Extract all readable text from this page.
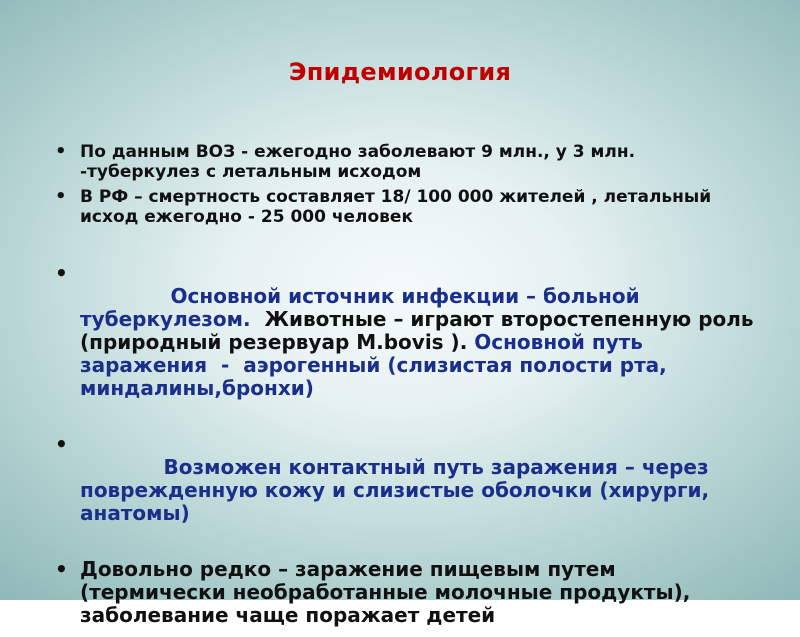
Эпидемиология
• По данным ВОЗ - ежегодно заболевают 9 млн., у 3 млн. -туберкулез с летальным исходом
• В РФ – смертность составляет 18/ 100 000 жителей , летальный исход ежегодно - 25 000 человек

•
Основной источник инфекции – больной туберкулезом.  Животные – играют второстепенную роль (природный резервуар M.bovis ). Основной путь заражения  -  аэрогенный (слизистая полости рта, миндалины,бронхи)

•
Возможен контактный путь заражения – через поврежденную кожу и слизистые оболочки (хирурги, анатомы)

• Довольно редко – заражение пищевым путем (термически необработанные молочные продукты), заболевание чаще поражает детей
